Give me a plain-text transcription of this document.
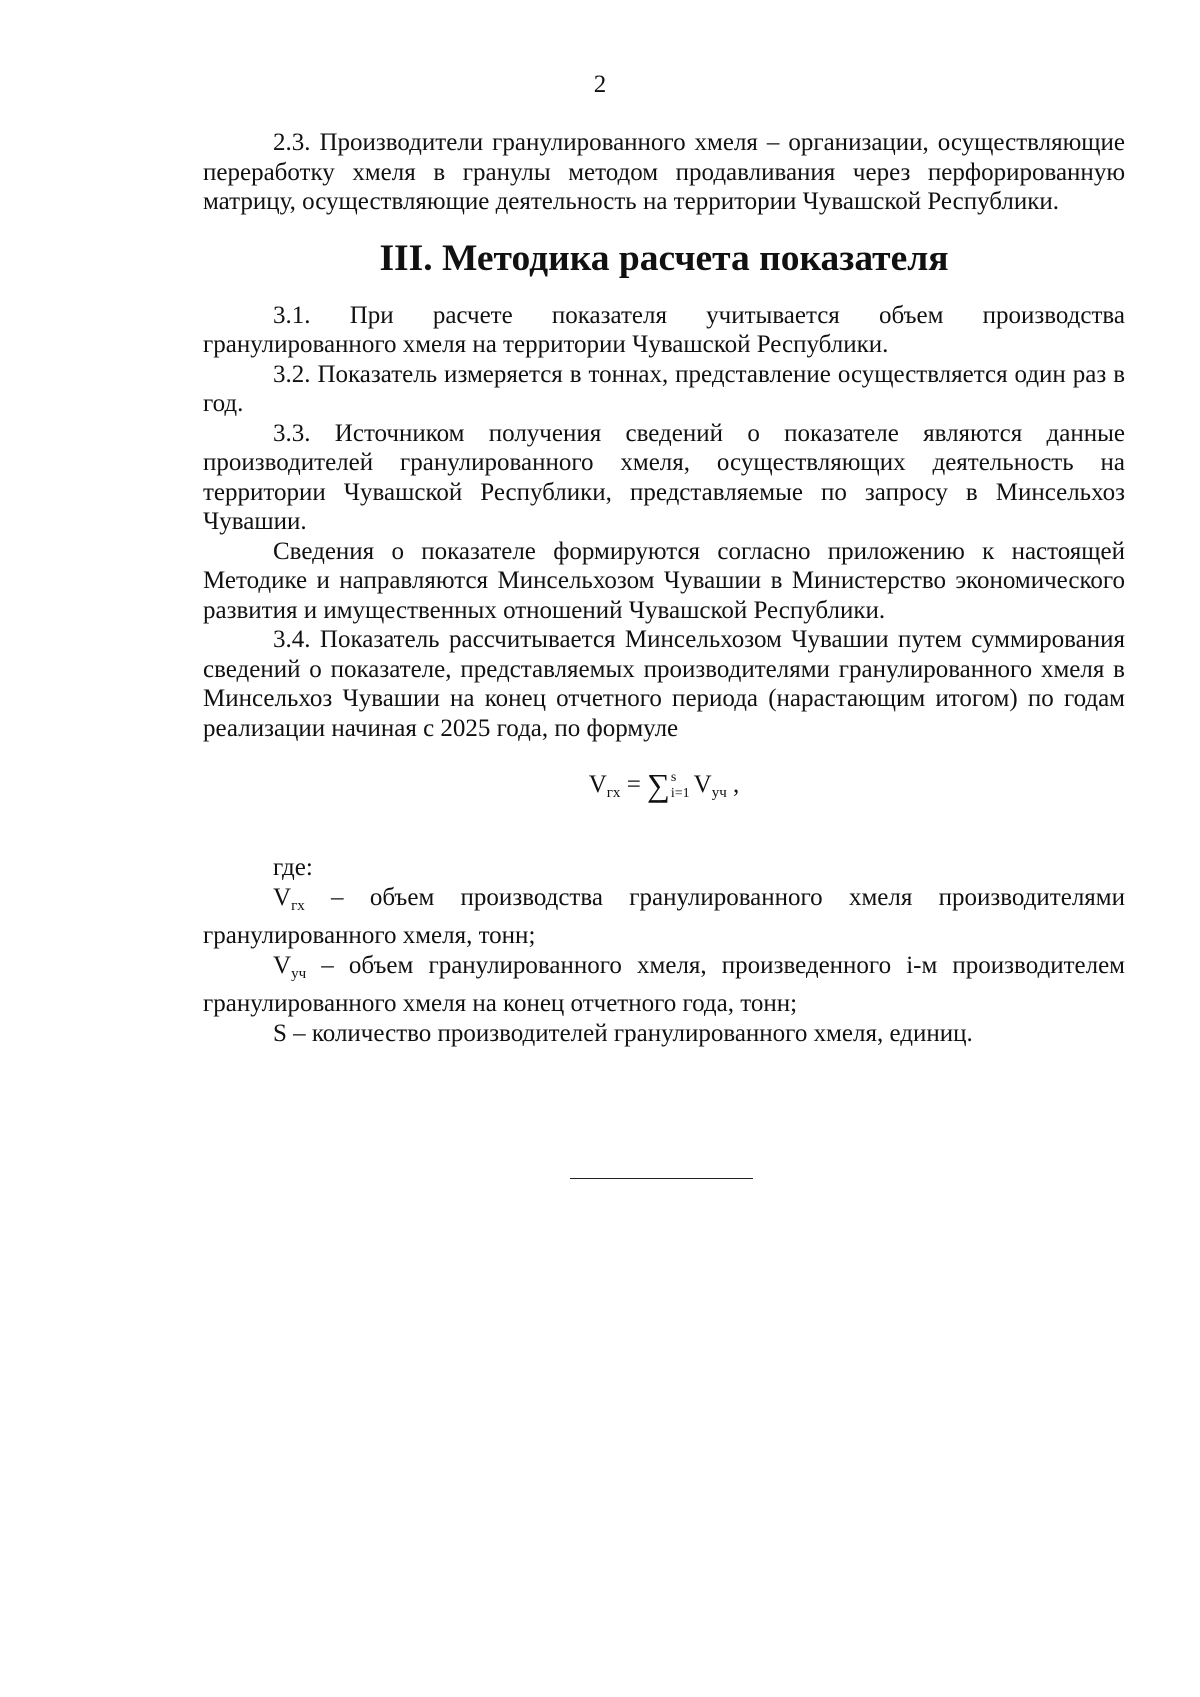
2

2.3. Производители гранулированного хмеля – организации, осуществляющие переработку хмеля в гранулы методом продавливания через перфорированную матрицу, осуществляющие деятельность на территории Чувашской Республики.

III. Методика расчета показателя

3.1. При расчете показателя учитывается объем производства гранулированного хмеля на территории Чувашской Республики.

3.2. Показатель измеряется в тоннах, представление осуществляется один раз в год.

3.3. Источником получения сведений о показателе являются данные производителей гранулированного хмеля, осуществляющих деятельность на территории Чувашской Республики, представляемые по запросу в Минсельхоз Чувашии.

Сведения о показателе формируются согласно приложению к настоящей Методике и направляются Минсельхозом Чувашии в Министерство экономического развития и имущественных отношений Чувашской Республики.

3.4. Показатель рассчитывается Минсельхозом Чувашии путем суммирования сведений о показателе, представляемых производителями гранулированного хмеля в Минсельхоз Чувашии на конец отчетного периода (нарастающим итогом) по годам реализации начиная с 2025 года, по формуле

$V_{гх}$ = ∑ s
i=1 $V_{уч}$ ,

где:

$V_{гх}$ – объем производства гранулированного хмеля производителями гранулированного хмеля, тонн;

$V_{уч}$ – объем гранулированного хмеля, произведенного i-м производителем гранулированного хмеля на конец отчетного года, тонн;

S – количество производителей гранулированного хмеля, единиц.
